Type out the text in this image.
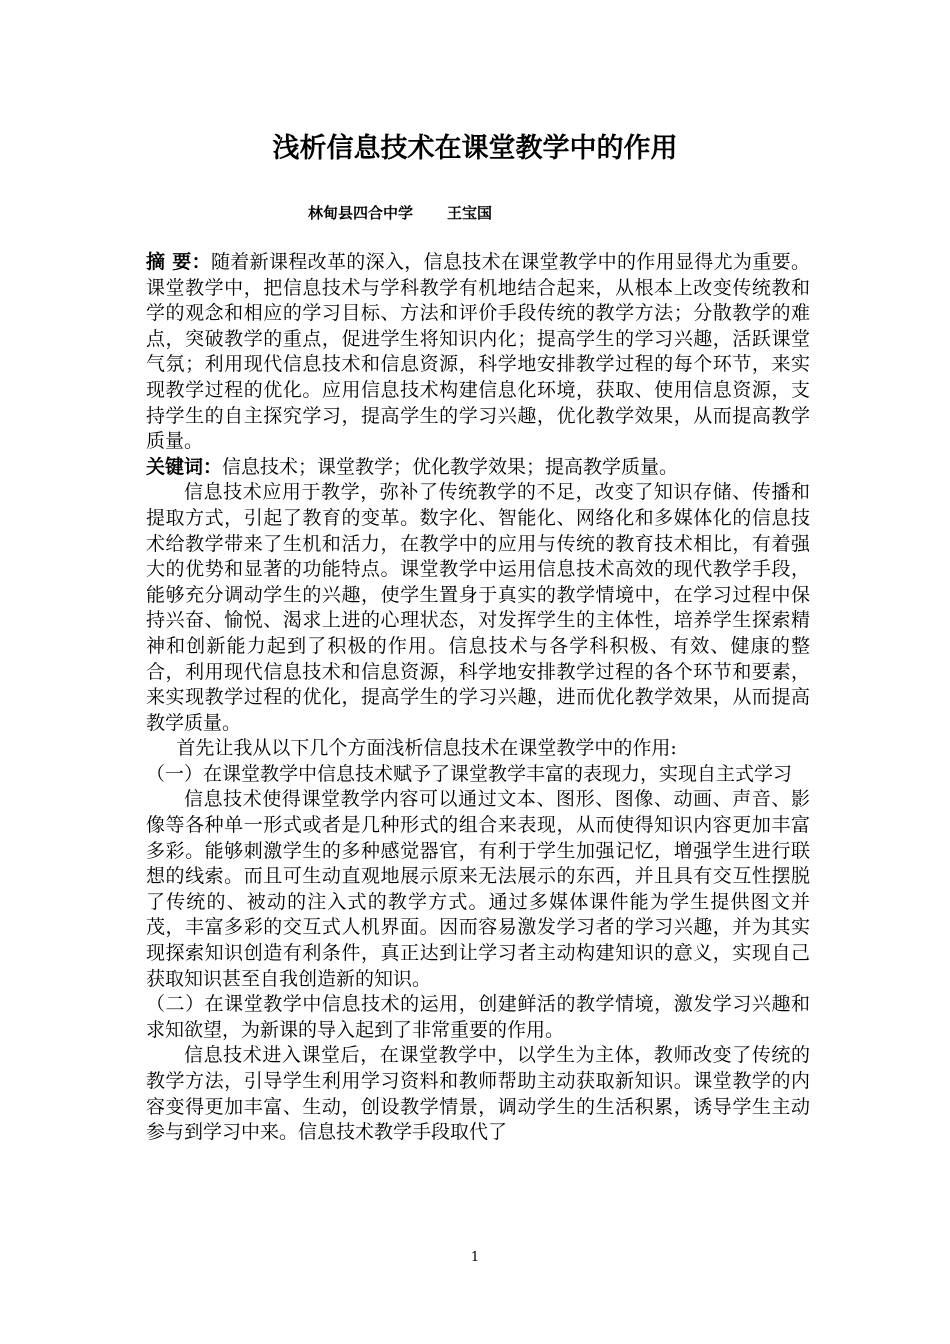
浅析信息技术在课堂教学中的作用
林甸县四合中学 王宝国

摘 要：随着新课程改革的深入，信息技术在课堂教学中的作用显得尤为重要。课堂教学中，把信息技术与学科教学有机地结合起来，从根本上改变传统教和学的观念和相应的学习目标、方法和评价手段传统的教学方法；分散教学的难点，突破教学的重点，促进学生将知识内化；提高学生的学习兴趣，活跃课堂气氛；利用现代信息技术和信息资源，科学地安排教学过程的每个环节，来实现教学过程的优化。应用信息技术构建信息化环境，获取、使用信息资源，支持学生的自主探究学习，提高学生的学习兴趣，优化教学效果，从而提高教学质量。

关键词：信息技术；课堂教学；优化教学效果；提高教学质量。

信息技术应用于教学，弥补了传统教学的不足，改变了知识存储、传播和提取方式，引起了教育的变革。数字化、智能化、网络化和多媒体化的信息技术给教学带来了生机和活力，在教学中的应用与传统的教育技术相比，有着强大的优势和显著的功能特点。课堂教学中运用信息技术高效的现代教学手段，能够充分调动学生的兴趣，使学生置身于真实的教学情境中，在学习过程中保持兴奋、愉悦、渴求上进的心理状态，对发挥学生的主体性，培养学生探索精神和创新能力起到了积极的作用。信息技术与各学科积极、有效、健康的整合，利用现代信息技术和信息资源，科学地安排教学过程的各个环节和要素，来实现教学过程的优化，提高学生的学习兴趣，进而优化教学效果，从而提高教学质量。

首先让我从以下几个方面浅析信息技术在课堂教学中的作用:

（一）在课堂教学中信息技术赋予了课堂教学丰富的表现力，实现自主式学习

信息技术使得课堂教学内容可以通过文本、图形、图像、动画、声音、影像等各种单一形式或者是几种形式的组合来表现，从而使得知识内容更加丰富多彩。能够刺激学生的多种感觉器官，有利于学生加强记忆，增强学生进行联想的线索。而且可生动直观地展示原来无法展示的东西，并且具有交互性摆脱了传统的、被动的注入式的教学方式。通过多媒体课件能为学生提供图文并茂，丰富多彩的交互式人机界面。因而容易激发学习者的学习兴趣，并为其实现探索知识创造有利条件，真正达到让学习者主动构建知识的意义，实现自己获取知识甚至自我创造新的知识。

（二）在课堂教学中信息技术的运用，创建鲜活的教学情境，激发学习兴趣和求知欲望，为新课的导入起到了非常重要的作用。

信息技术进入课堂后，在课堂教学中，以学生为主体，教师改变了传统的教学方法，引导学生利用学习资料和教师帮助主动获取新知识。课堂教学的内容变得更加丰富、生动，创设教学情景，调动学生的生活积累，诱导学生主动参与到学习中来。信息技术教学手段取代了

1
